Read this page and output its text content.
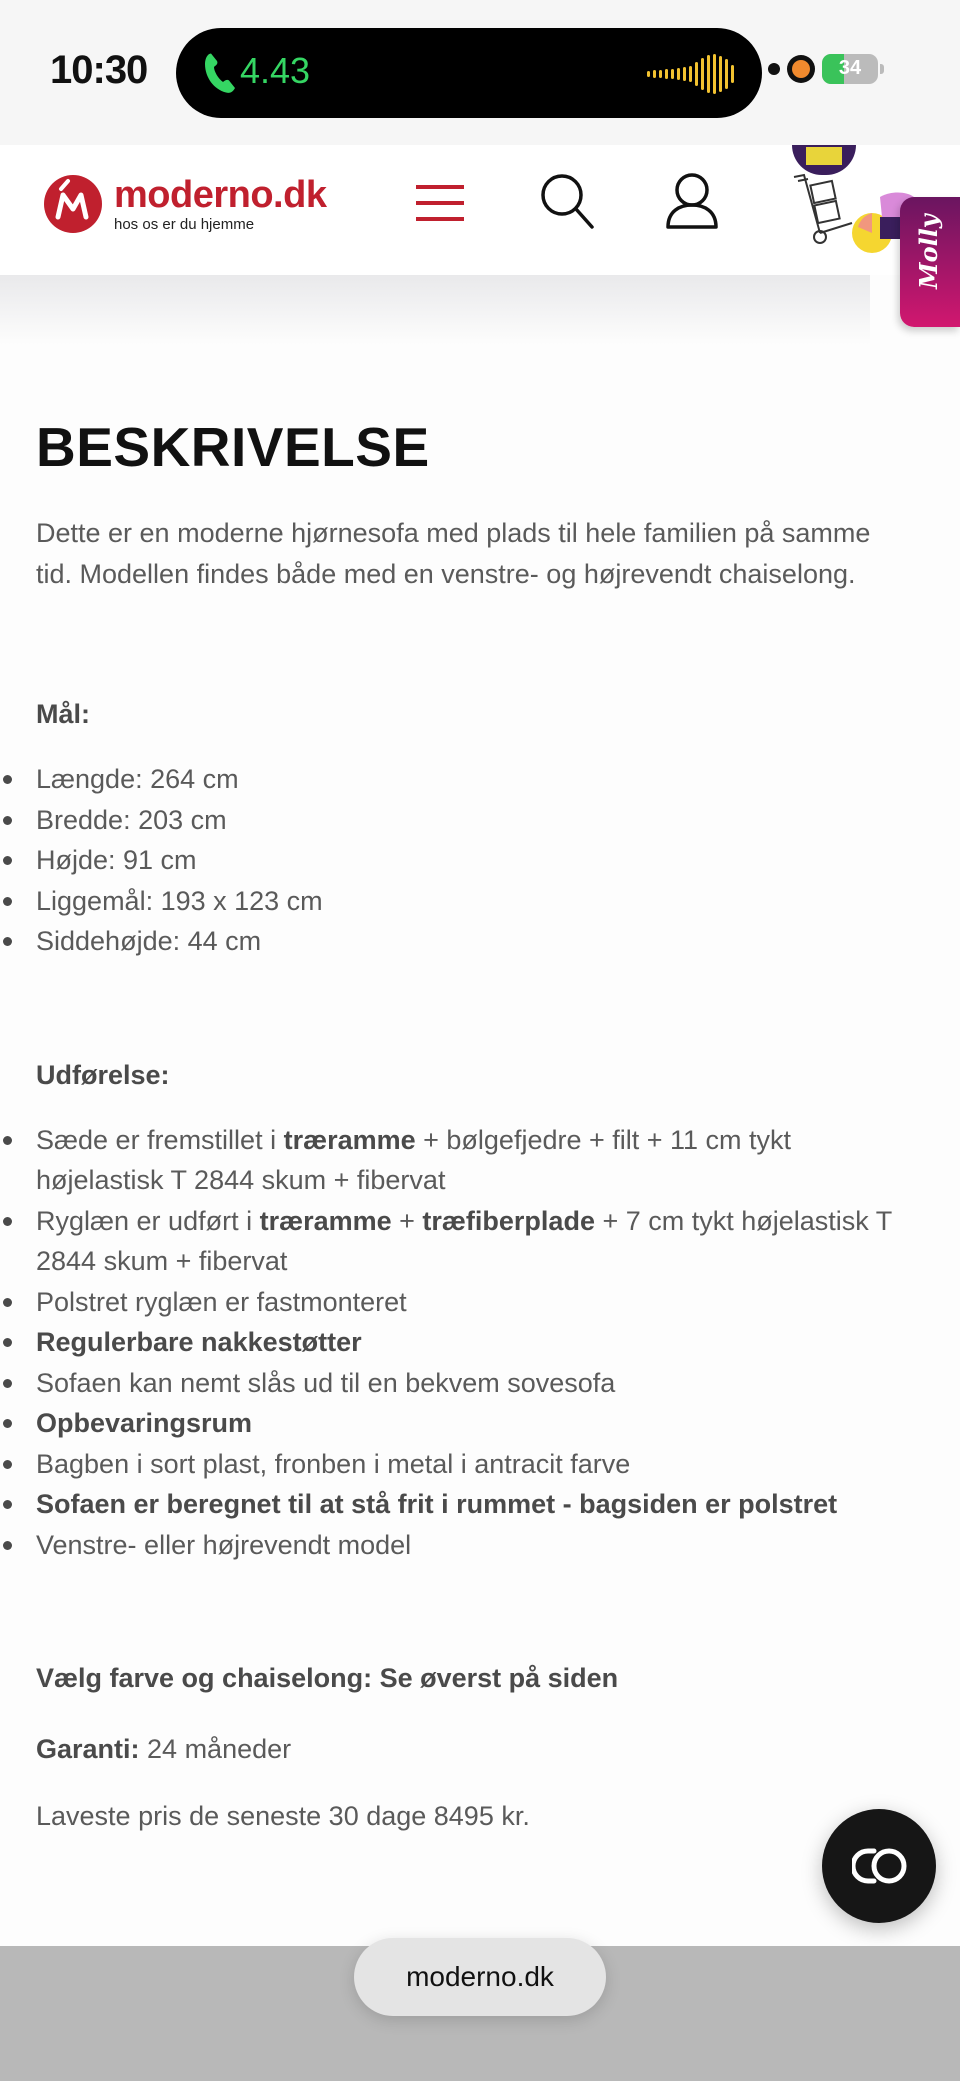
10:30	4.43	34
moderno.dk
hos os er du hjemme	Molly
BESKRIVELSE

Dette er en moderne hjørnesofa med plads til hele familien på samme tid. Modellen findes både med en venstre- og højrevendt chaiselong.

Mål:
Længde: 264 cm
Bredde: 203 cm
Højde: 91 cm
Liggemål: 193 x 123 cm
Siddehøjde: 44 cm
Udførelse:
Sæde er fremstillet i træramme + bølgefjedre + filt + 11 cm tykt højelastisk T 2844 skum + fibervat
Ryglæn er udført i træramme + træfiberplade + 7 cm tykt højelastisk T 2844 skum + fibervat
Polstret ryglæn er fastmonteret
Regulerbare nakkestøtter
Sofaen kan nemt slås ud til en bekvem sovesofa
Opbevaringsrum
Bagben i sort plast, fronben i metal i antracit farve
Sofaen er beregnet til at stå frit i rummet - bagsiden er polstret
Venstre- eller højrevendt model
Vælg farve og chaiselong: Se øverst på siden
Garanti: 24 måneder
Laveste pris de seneste 30 dage 8495 kr.
moderno.dk
